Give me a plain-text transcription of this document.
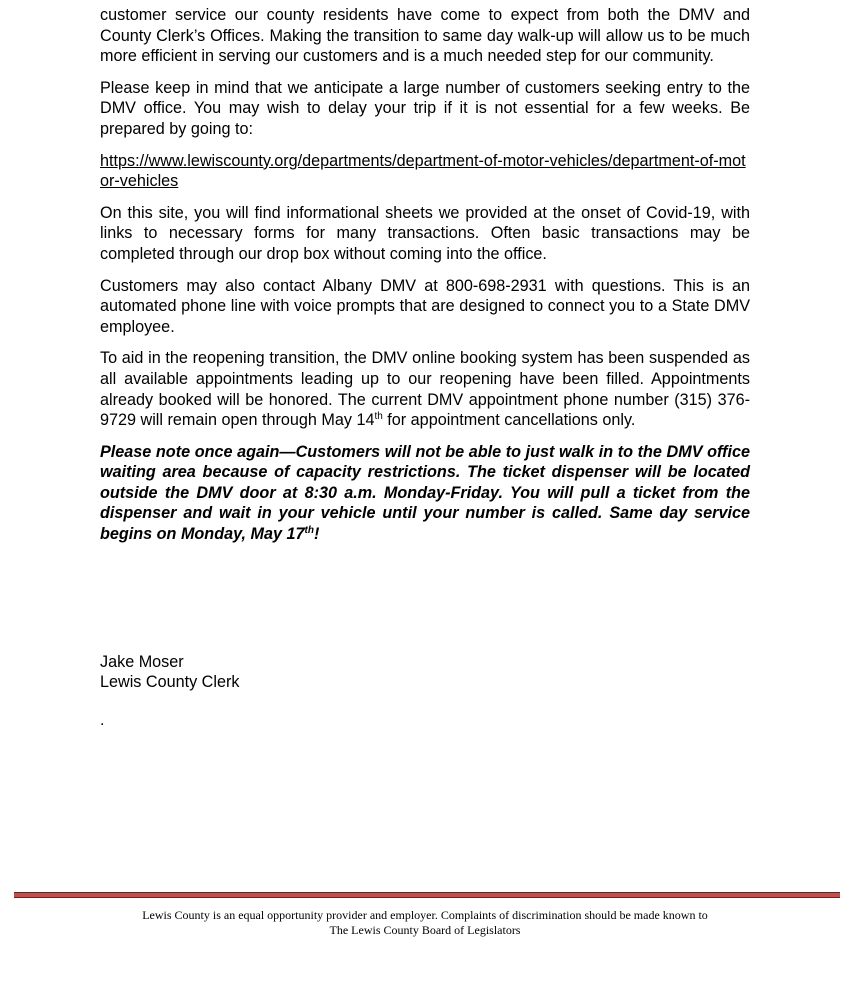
customer service our county residents have come to expect from both the DMV and County Clerk’s Offices. Making the transition to same day walk-up will allow us to be much more efficient in serving our customers and is a much needed step for our community.

Please keep in mind that we anticipate a large number of customers seeking entry to the DMV office. You may wish to delay your trip if it is not essential for a few weeks. Be prepared by going to:

https://www.lewiscounty.org/departments/department-of-motor-vehicles/department-of-motor-vehicles

On this site, you will find informational sheets we provided at the onset of Covid-19, with links to necessary forms for many transactions. Often basic transactions may be completed through our drop box without coming into the office.

Customers may also contact Albany DMV at 800-698-2931 with questions. This is an automated phone line with voice prompts that are designed to connect you to a State DMV employee.

To aid in the reopening transition, the DMV online booking system has been suspended as all available appointments leading up to our reopening have been filled. Appointments already booked will be honored. The current DMV appointment phone number (315) 376-9729 will remain open through May 14th for appointment cancellations only.

Please note once again—Customers will not be able to just walk in to the DMV office waiting area because of capacity restrictions. The ticket dispenser will be located outside the DMV door at 8:30 a.m. Monday-Friday. You will pull a ticket from the dispenser and wait in your vehicle until your number is called. Same day service begins on Monday, May 17th!

Jake Moser
Lewis County Clerk
.
Lewis County is an equal opportunity provider and employer. Complaints of discrimination should be made known to
The Lewis County Board of Legislators
